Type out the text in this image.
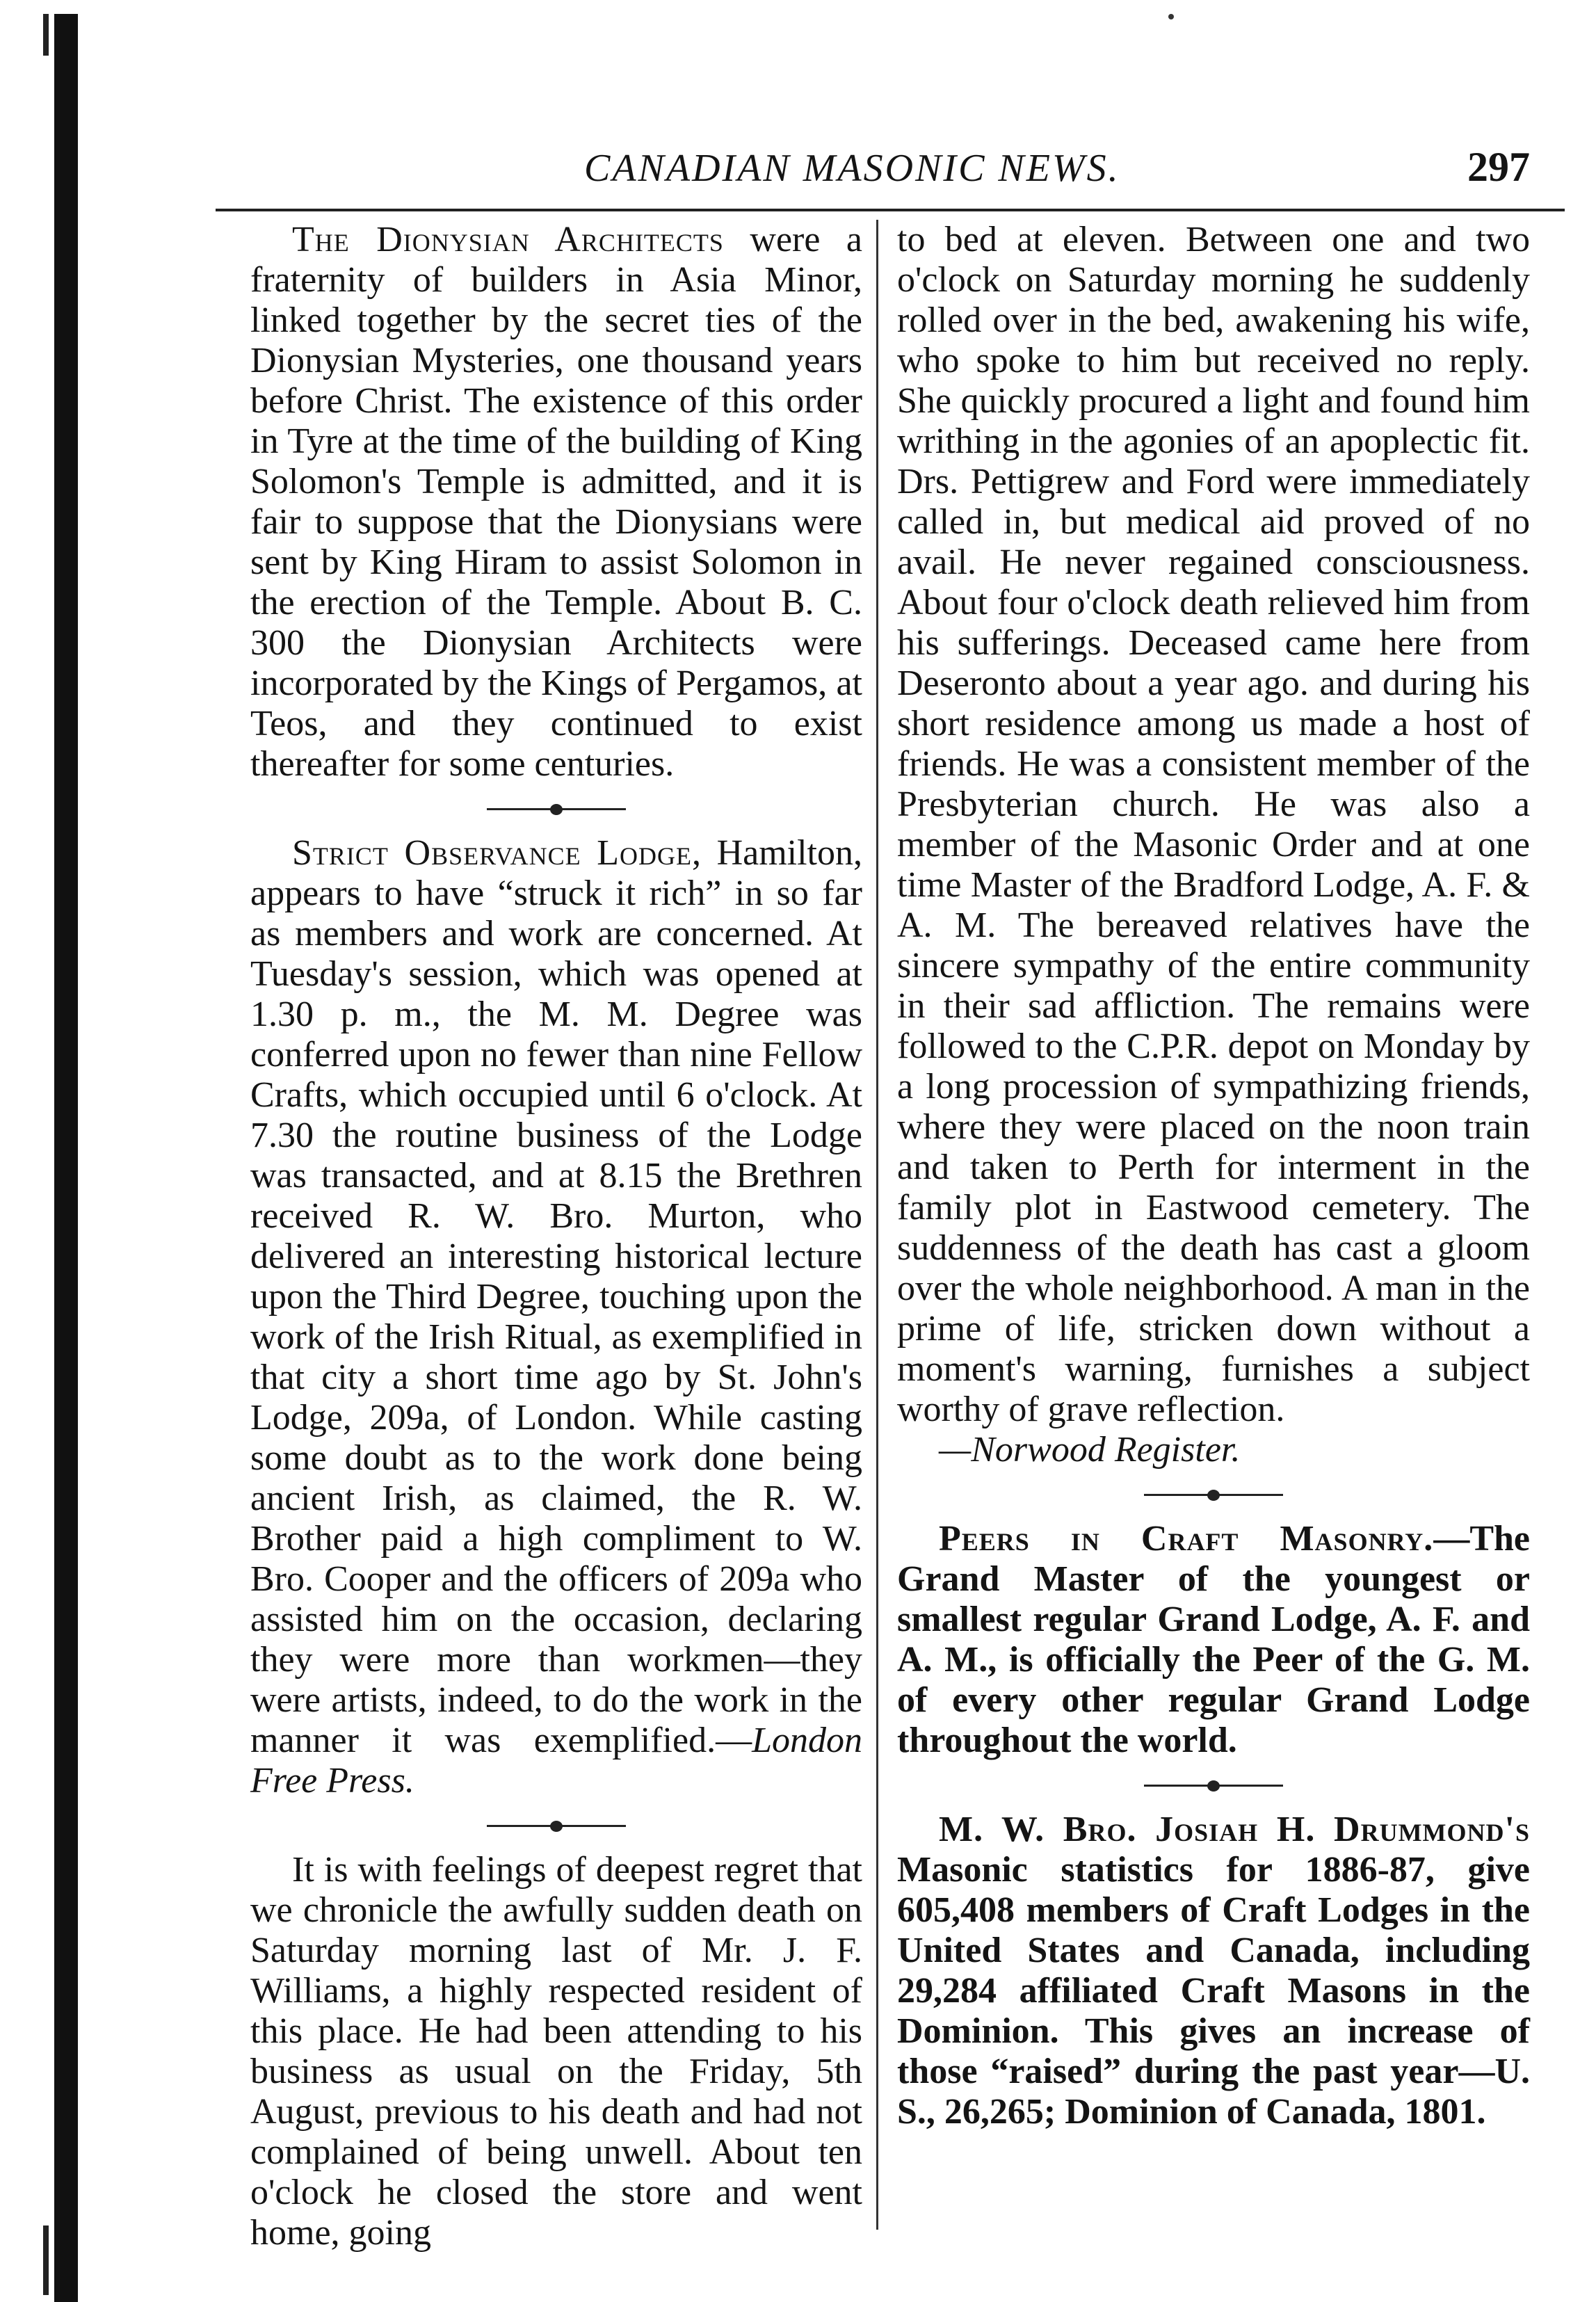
CANADIAN MASONIC NEWS.	297

The Dionysian Architects were a fraternity of builders in Asia Minor, linked together by the secret ties of the Dionysian Mysteries, one thousand years before Christ. The existence of this order in Tyre at the time of the building of King Solomon's Temple is admitted, and it is fair to suppose that the Dionysians were sent by King Hiram to assist Solomon in the erection of the Temple. About B. C. 300 the Dionysian Architects were incorporated by the Kings of Pergamos, at Teos, and they continued to exist thereafter for some centuries.

Strict Observance Lodge, Hamilton, appears to have “struck it rich” in so far as members and work are concerned. At Tuesday's session, which was opened at 1.30 p. m., the M. M. Degree was conferred upon no fewer than nine Fellow Crafts, which occupied until 6 o'clock. At 7.30 the routine business of the Lodge was transacted, and at 8.15 the Brethren received R. W. Bro. Murton, who delivered an interesting historical lecture upon the Third Degree, touching upon the work of the Irish Ritual, as exemplified in that city a short time ago by St. John's Lodge, 209a, of London. While casting some doubt as to the work done being ancient Irish, as claimed, the R. W. Brother paid a high compliment to W. Bro. Cooper and the officers of 209a who assisted him on the occasion, declaring they were more than workmen—they were artists, indeed, to do the work in the manner it was exemplified.—London Free Press.

It is with feelings of deepest regret that we chronicle the awfully sudden death on Saturday morning last of Mr. J. F. Williams, a highly respected resident of this place. He had been attending to his business as usual on the Friday, 5th August, previous to his death and had not complained of being unwell. About ten o'clock he closed the store and went home, going

to bed at eleven. Between one and two o'clock on Saturday morning he suddenly rolled over in the bed, awakening his wife, who spoke to him but received no reply. She quickly procured a light and found him writhing in the agonies of an apoplectic fit. Drs. Pettigrew and Ford were immediately called in, but medical aid proved of no avail. He never regained consciousness. About four o'clock death relieved him from his sufferings. Deceased came here from Deseronto about a year ago. and during his short residence among us made a host of friends. He was a consistent member of the Presbyterian church. He was also a member of the Masonic Order and at one time Master of the Bradford Lodge, A. F. & A. M. The bereaved relatives have the sincere sympathy of the entire community in their sad affliction. The remains were followed to the C.P.R. depot on Monday by a long procession of sympathizing friends, where they were placed on the noon train and taken to Perth for interment in the family plot in Eastwood cemetery. The suddenness of the death has cast a gloom over the whole neighborhood. A man in the prime of life, stricken down without a moment's warning, furnishes a subject worthy of grave reflection.

—Norwood Register.

Peers in Craft Masonry.—The Grand Master of the youngest or smallest regular Grand Lodge, A. F. and A. M., is officially the Peer of the G. M. of every other regular Grand Lodge throughout the world.

M. W. Bro. Josiah H. Drummond's Masonic statistics for 1886-87, give 605,408 members of Craft Lodges in the United States and Canada, including 29,284 affiliated Craft Masons in the Dominion. This gives an increase of those “raised” during the past year—U. S., 26,265; Dominion of Canada, 1801.
